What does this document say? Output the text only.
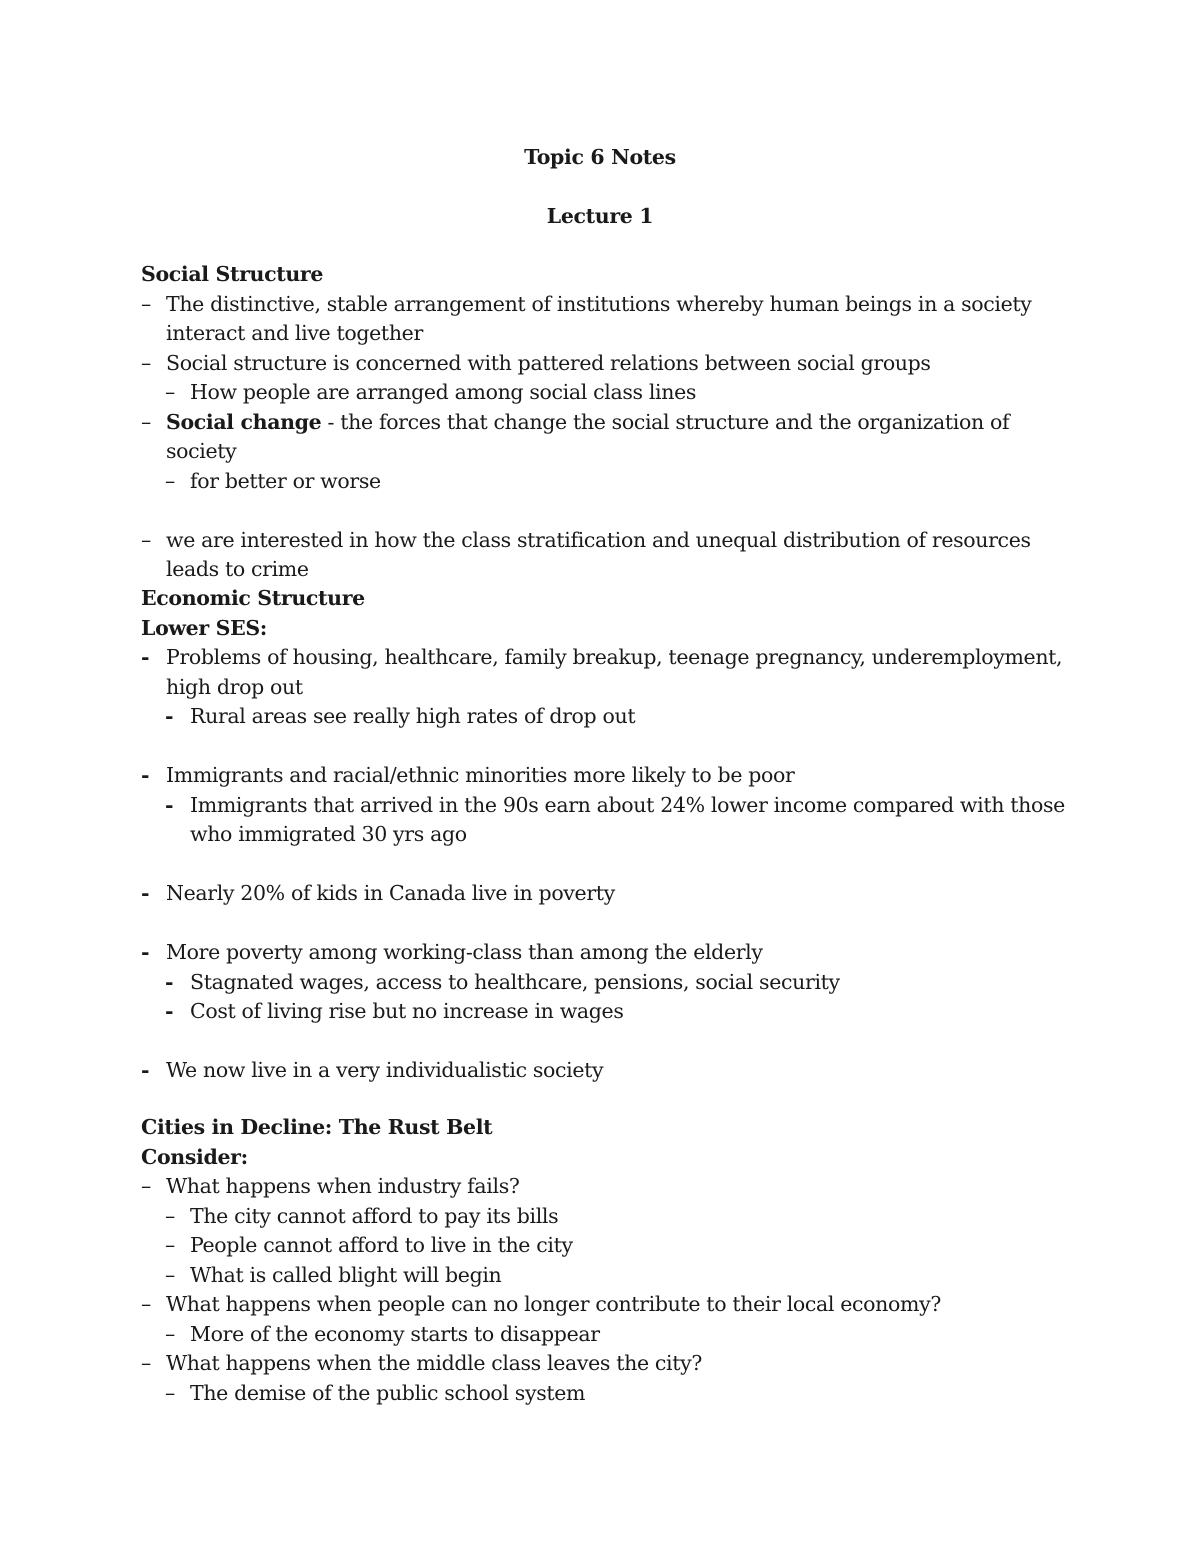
Topic 6 Notes
Lecture 1
Social Structure
– The distinctive, stable arrangement of institutions whereby human beings in a society interact and live together
– Social structure is concerned with pattered relations between social groups
– How people are arranged among social class lines
– Social change - the forces that change the social structure and the organization of society
– for better or worse
– we are interested in how the class stratification and unequal distribution of resources leads to crime
Economic Structure
Lower SES:
- Problems of housing, healthcare, family breakup, teenage pregnancy, underemployment, high drop out
- Rural areas see really high rates of drop out
- Immigrants and racial/ethnic minorities more likely to be poor
- Immigrants that arrived in the 90s earn about 24% lower income compared with those who immigrated 30 yrs ago
- Nearly 20% of kids in Canada live in poverty
- More poverty among working-class than among the elderly
- Stagnated wages, access to healthcare, pensions, social security
- Cost of living rise but no increase in wages
- We now live in a very individualistic society
Cities in Decline: The Rust Belt
Consider:
– What happens when industry fails?
– The city cannot afford to pay its bills
– People cannot afford to live in the city
– What is called blight will begin
– What happens when people can no longer contribute to their local economy?
– More of the economy starts to disappear
– What happens when the middle class leaves the city?
– The demise of the public school system
